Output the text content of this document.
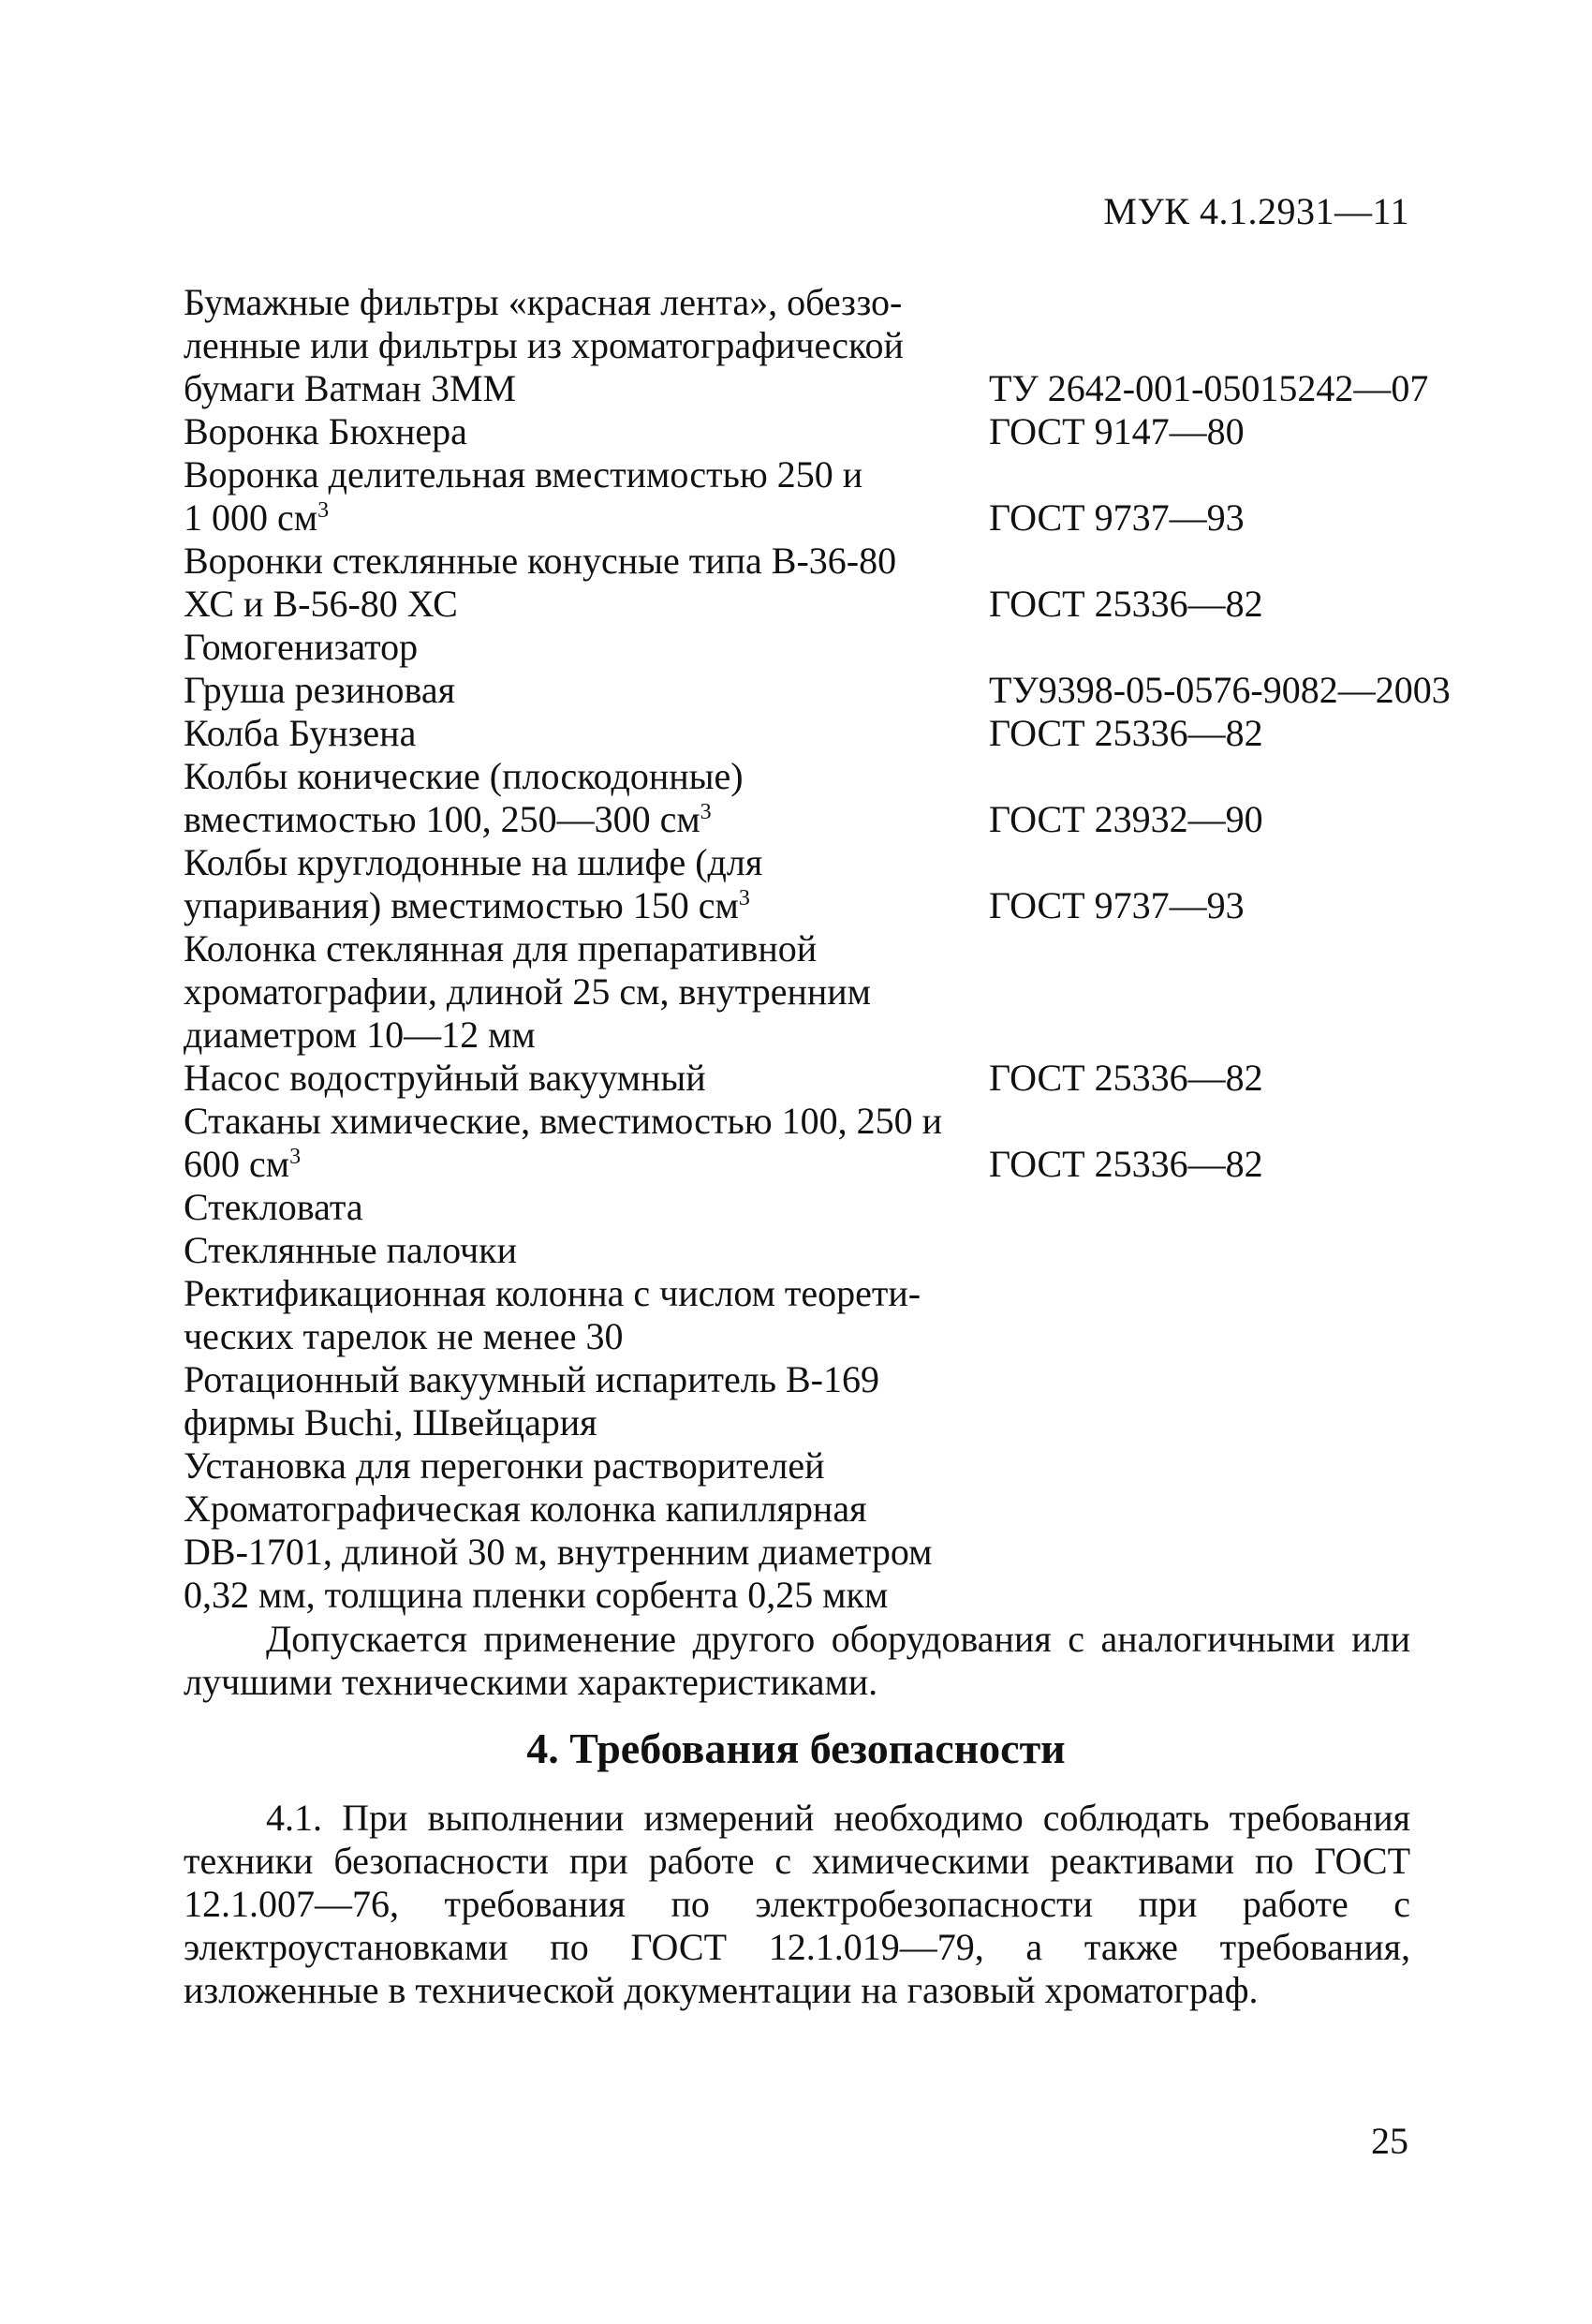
МУК 4.1.2931—11
Бумажные фильтры «красная лента», обеззо-
ленные или фильтры из хроматографической
бумаги Ватман 3ММ	ТУ 2642-001-05015242—07
Воронка Бюхнера	ГОСТ 9147—80
Воронка делительная вместимостью 250 и
1 000 $см^3$	ГОСТ 9737—93
Воронки стеклянные конусные типа В-36-80
ХС и В-56-80 ХС	ГОСТ 25336—82
Гомогенизатор
Груша резиновая	ТУ9398-05-0576-9082—2003
Колба Бунзена	ГОСТ 25336—82
Колбы конические (плоскодонные)
вместимостью 100, 250—300 $см^3$	ГОСТ 23932—90
Колбы круглодонные на шлифе (для
упаривания) вместимостью 150 $см^3$	ГОСТ 9737—93
Колонка стеклянная для препаративной
хроматографии, длиной 25 см, внутренним
диаметром 10—12 мм
Насос водоструйный вакуумный	ГОСТ 25336—82
Стаканы химические, вместимостью 100, 250 и
600 $см^3$	ГОСТ 25336—82
Стекловата
Стеклянные палочки
Ректификационная колонна с числом теорети-
ческих тарелок не менее 30
Ротационный вакуумный испаритель В-169
фирмы Buchi, Швейцария
Установка для перегонки растворителей
Хроматографическая колонка капиллярная
DB-1701, длиной 30 м, внутренним диаметром
0,32 мм, толщина пленки сорбента 0,25 мкм
Допускается применение другого оборудования с аналогичными или лучшими техническими характеристиками.
4. Требования безопасности
4.1. При выполнении измерений необходимо соблюдать требования техники безопасности при работе с химическими реактивами по ГОСТ 12.1.007—76, требования по электробезопасности при работе с электроустановками по ГОСТ 12.1.019—79, а также требования, изложенные в технической документации на газовый хроматограф.
25
